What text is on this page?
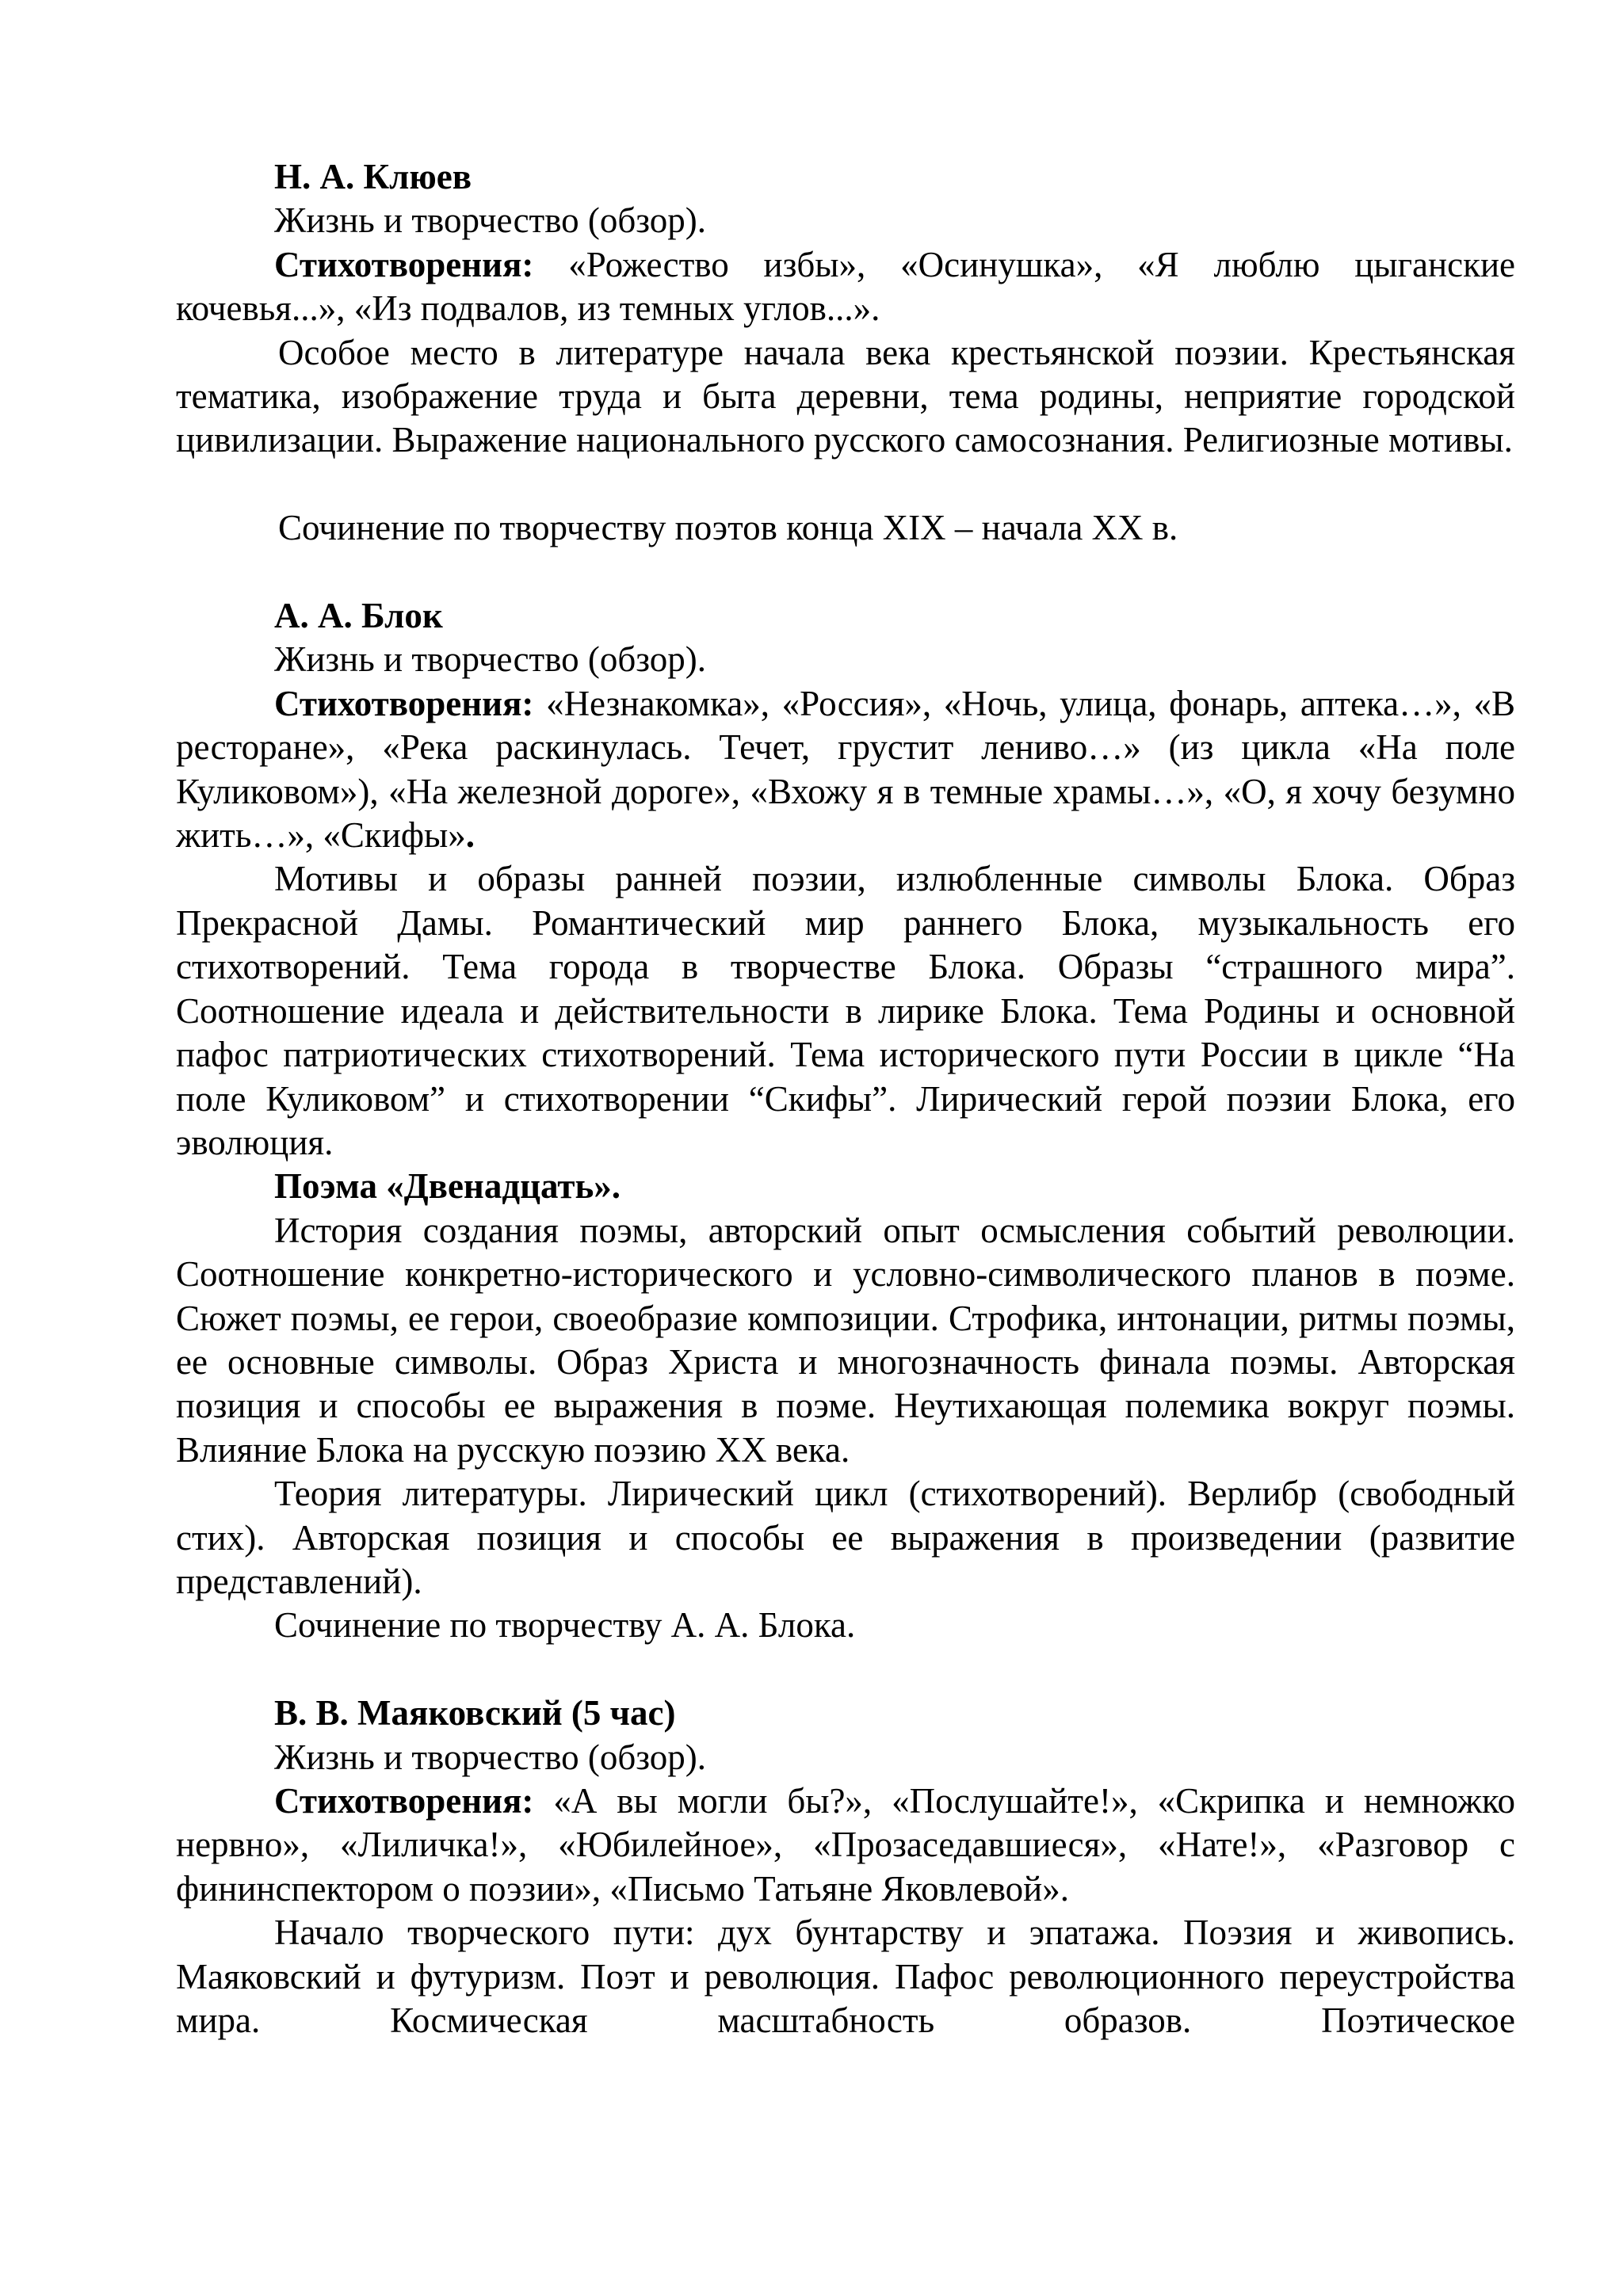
Н. А. Клюев

Жизнь и творчество (обзор).

Стихотворения: «Рожество избы», «Осинушка», «Я люблю цыганские кочевья...», «Из подвалов, из темных углов...».

Особое место в литературе начала века крестьянской поэзии. Крестьянская тематика, изображение труда и быта деревни, тема родины, неприятие городской цивилизации. Выражение национального русского самосознания. Религиозные мотивы.

Сочинение по творчеству поэтов конца XIX – начала XX в.

А. А. Блок

Жизнь и творчество (обзор).

Стихотворения: «Незнакомка», «Россия», «Ночь, улица, фонарь, аптека…», «В ресторане», «Река раскинулась. Течет, грустит лениво…» (из цикла «На поле Куликовом»), «На железной дороге», «Вхожу я в темные храмы…», «О, я хочу безумно жить…», «Скифы».

Мотивы и образы ранней поэзии, излюбленные символы Блока. Образ Прекрасной Дамы. Романтический мир раннего Блока, музыкальность его стихотворений. Тема города в творчестве Блока. Образы “страшного мира”. Соотношение идеала и действительности в лирике Блока. Тема Родины и основной пафос патриотических стихотворений. Тема исторического пути России в цикле “На поле Куликовом” и стихотворении “Скифы”. Лирический герой поэзии Блока, его эволюция.

Поэма «Двенадцать».

История создания поэмы, авторский опыт осмысления событий революции. Соотношение конкретно-исторического и условно-символического планов в поэме. Сюжет поэмы, ее герои, своеобразие композиции. Строфика, интонации, ритмы поэмы, ее основные символы. Образ Христа и многозначность финала поэмы. Авторская позиция и способы ее выражения в поэме. Неутихающая полемика вокруг поэмы. Влияние Блока на русскую поэзию XX века.

Теория литературы. Лирический цикл (стихотворений). Верлибр (свободный стих). Авторская позиция и способы ее выражения в произведении (развитие представлений).

Сочинение по творчеству А. А. Блока.

В. В. Маяковский (5 час)

Жизнь и творчество (обзор).

Стихотворения: «А вы могли бы?», «Послушайте!», «Скрипка и немножко нервно», «Лиличка!», «Юбилейное», «Прозаседавшиеся», «Нате!», «Разговор с фининспектором о поэзии», «Письмо Татьяне Яковлевой».

Начало творческого пути: дух бунтарству и эпатажа. Поэзия и живопись. Маяковский и футуризм. Поэт и революция. Пафос революционного переустройства мира. Космическая масштабность образов. Поэтическое
